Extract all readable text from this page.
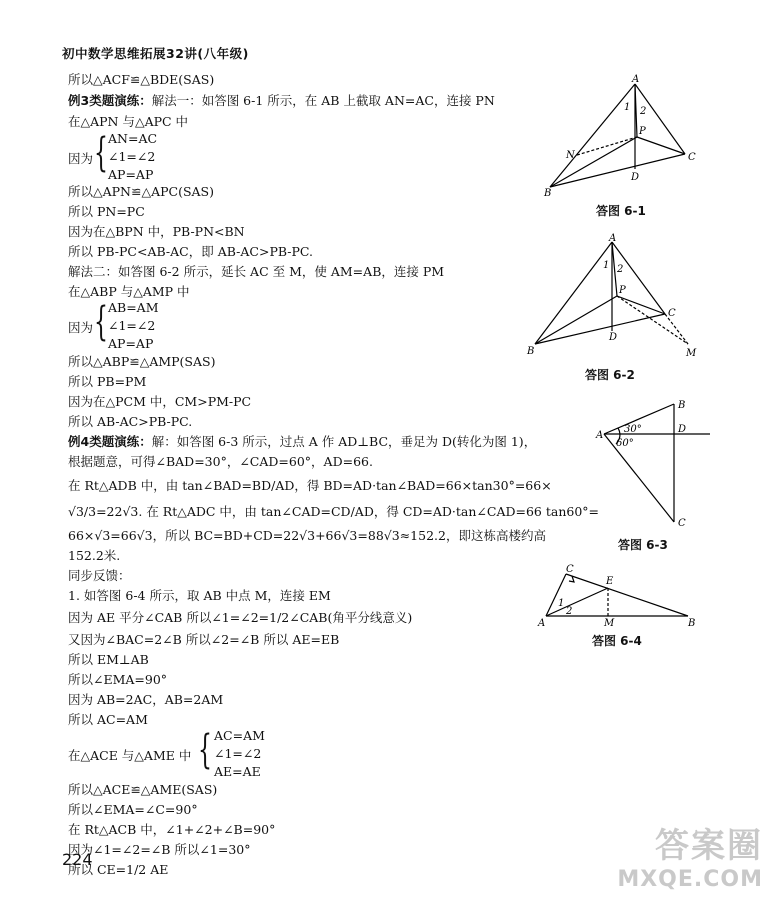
初中数学思维拓展32讲(八年级)
所以△ACF≌△BDE(SAS)
例3类题演练：解法一：如答图 6-1 所示，在 AB 上截取 AN=AC，连接 PN
在△APN 与△APC 中
因为 { AN=AC
∠1=∠2
AP=AP
所以△APN≌△APC(SAS)
所以 PN=PC
因为在△BPN 中，PB-PN<BN
所以 PB-PC<AB-AC，即 AB-AC>PB-PC.
解法二：如答图 6-2 所示，延长 AC 至 M，使 AM=AB，连接 PM
在△ABP 与△AMP 中
因为 { AB=AM
∠1=∠2
AP=AP
所以△ABP≌△AMP(SAS)
所以 PB=PM
因为在△PCM 中，CM>PM-PC
所以 AB-AC>PB-PC.
例4类题演练：解：如答图 6-3 所示，过点 A 作 AD⊥BC，垂足为 D(转化为图 1)，
根据题意，可得∠BAD=30°，∠CAD=60°，AD=66.
在 Rt△ADB 中，由 tan∠BAD=BD/AD，得 BD=AD·tan∠BAD=66×tan30°=66×
√3/3=22√3. 在 Rt△ADC 中，由 tan∠CAD=CD/AD，得 CD=AD·tan∠CAD=66 tan60°=
66×√3=66√3，所以 BC=BD+CD=22√3+66√3=88√3≈152.2，即这栋高楼约高
152.2米.
同步反馈：
1. 如答图 6-4 所示，取 AB 中点 M，连接 EM
因为 AE 平分∠CAB 所以∠1=∠2=1/2∠CAB(角平分线意义)
又因为∠BAC=2∠B 所以∠2=∠B 所以 AE=EB
所以 EM⊥AB
所以∠EMA=90°
因为 AB=2AC，AB=2AM
所以 AC=AM
在△ACE 与△AME 中 { AC=AM
∠1=∠2
AE=AE
所以△ACE≌△AME(SAS)
所以∠EMA=∠C=90°
在 Rt△ACB 中，∠1+∠2+∠B=90°
因为∠1=∠2=∠B 所以∠1=30°
所以 CE=1/2 AE
A
1 2
P
N	C
D
B
答图 6-1
A
1 2
P
C
D
B	M
答图 6-2
B
A
30°
60°
D
C
答图 6-3
C
E
1
2
A	M	B
答图 6-4
224	答案圈
MXQE.COM
